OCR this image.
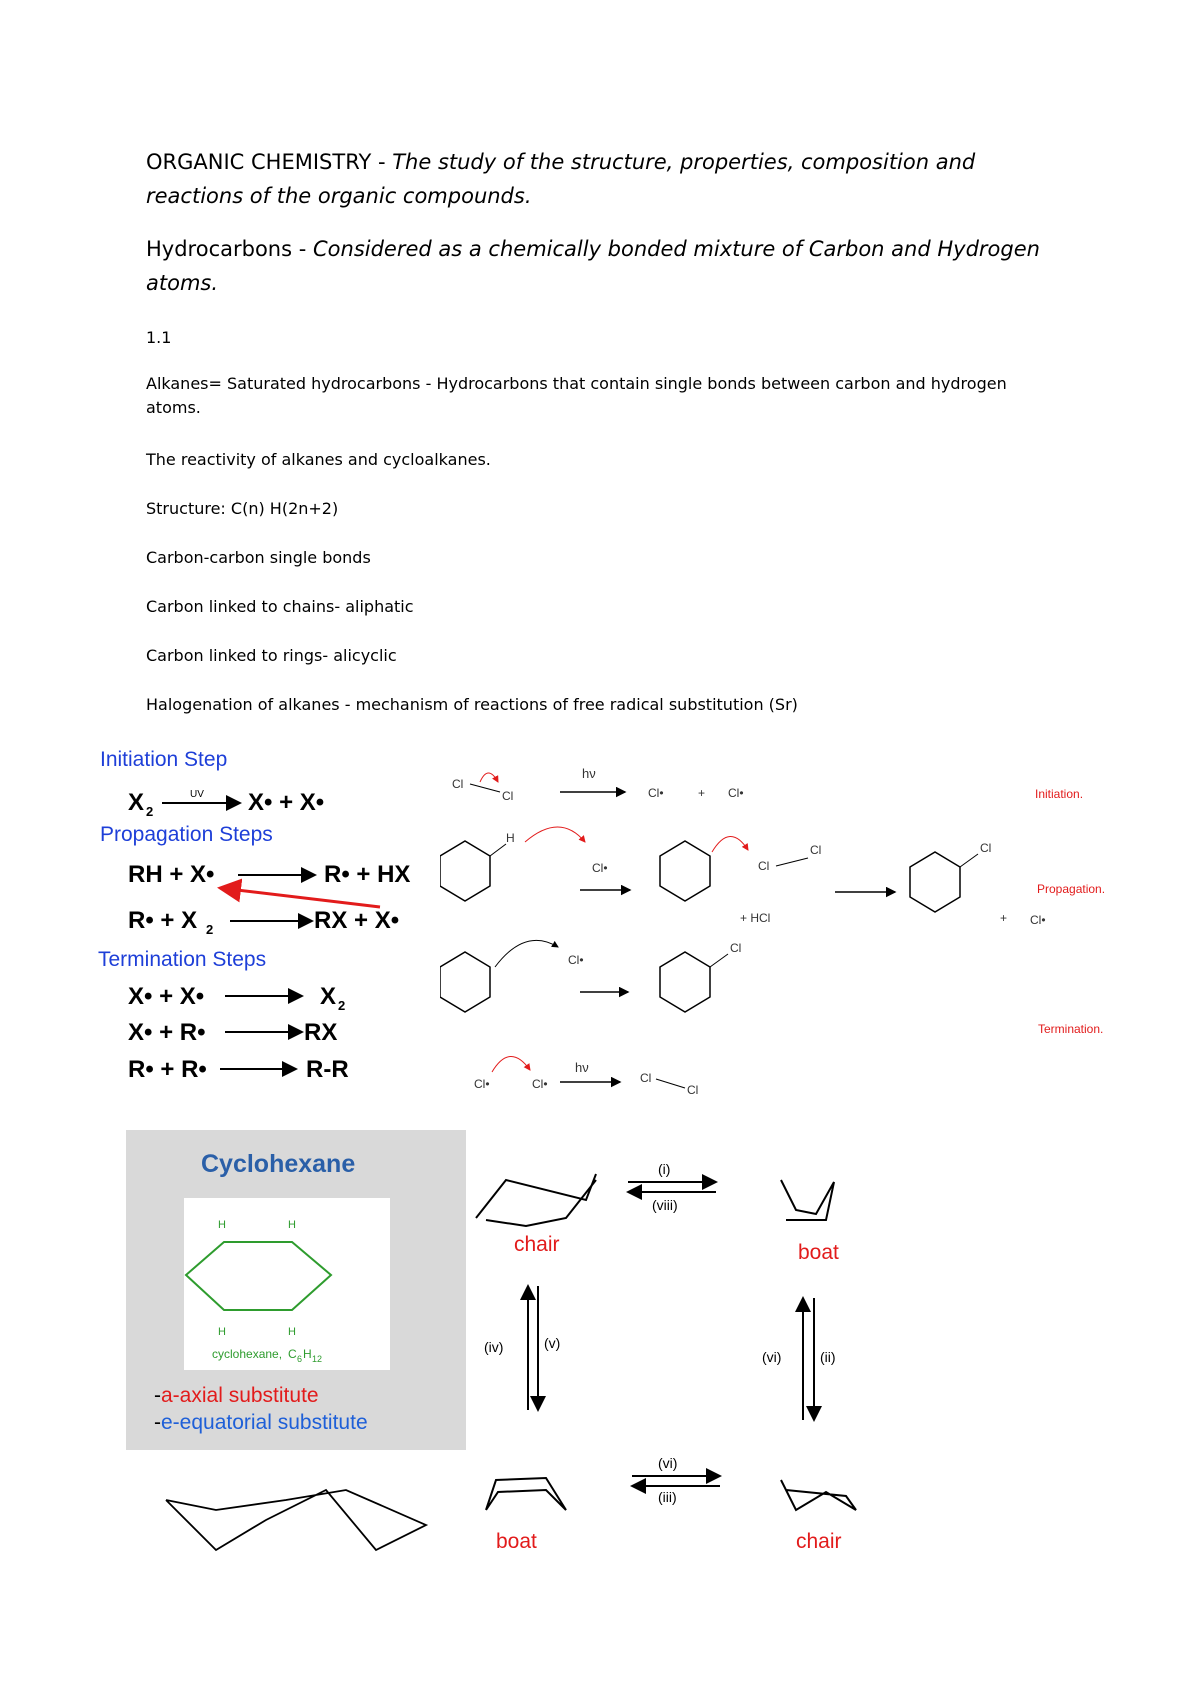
ORGANIC CHEMISTRY - The study of the structure, properties, composition and reactions of the organic compounds.
Hydrocarbons - Considered as a chemically bonded mixture of Carbon and Hydrogen atoms.
1.1
Alkanes= Saturated hydrocarbons - Hydrocarbons that contain single bonds between carbon and hydrogen atoms.
The reactivity of alkanes and cycloalkanes.
Structure: C(n) H(2n+2)
Carbon-carbon single bonds
Carbon linked to chains- aliphatic
Carbon linked to rings- alicyclic
Halogenation of alkanes - mechanism of reactions of free radical substitution (Sr)
Initiation Step
X 2
UV X• + X•
Propagation Steps
RH + X•	R• + HX
R• + X 2	RX + X•
Termination Steps
X• + X•	X 2
X• + R•	RX
R• + R•	R-R
Cl
Cl
hν
Cl•	+ Cl•	Initiation.
H
Cl•	Cl
Cl
+ HCl
Cl
+ Cl•
Propagation.
Cl•
Cl
Termination.
Cl•	Cl•
hν
Cl
Cl
Cyclohexane
H	H
H	H
cyclohexane, C 6 H 12
-a-axial substitute
-e-equatorial substitute
chair	boat
boat	chair
(i)
(viii)
(iv)	(v)
(vi)	(ii)
(vi)
(iii)
